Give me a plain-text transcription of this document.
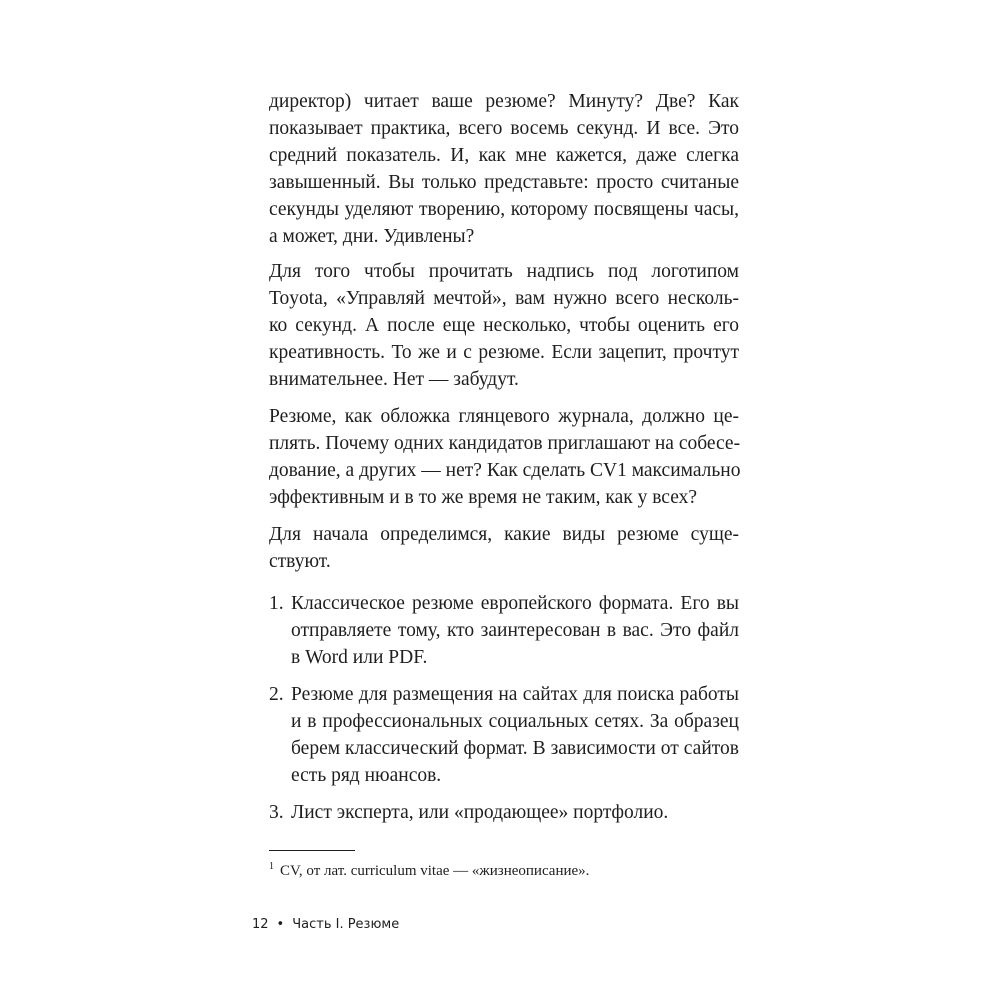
директор) читает ваше резюме? Минуту? Две? Как
показывает практика, всего восемь секунд. И все. Это
средний показатель. И, как мне кажется, даже слегка
завышенный. Вы только представьте: просто считаные
секунды уделяют творению, которому посвящены часы,
а может, дни. Удивлены?

Для того чтобы прочитать надпись под логотипом
Toyota, «Управляй мечтой», вам нужно всего несколь-
ко секунд. А после еще несколько, чтобы оценить его
креативность. То же и с резюме. Если зацепит, прочтут
внимательнее. Нет — забудут.

Резюме, как обложка глянцевого журнала, должно це-
плять. Почему одних кандидатов приглашают на собесе-
дование, а других — нет? Как сделать CV1 максимально
эффективным и в то же время не таким, как у всех?

Для начала определимся, какие виды резюме суще-
ствуют.

1. Классическое резюме европейского формата. Его вы
отправляете тому, кто заинтересован в вас. Это файл
в Word или PDF.
2. Резюме для размещения на сайтах для поиска работы
и в профессиональных социальных сетях. За образец
берем классический формат. В зависимости от сайтов
есть ряд нюансов.
3. Лист эксперта, или «продающее» портфолио.
$^1$ CV, от лат. curriculum vitae — «жизнеописание».
12 • Часть I. Резюме
